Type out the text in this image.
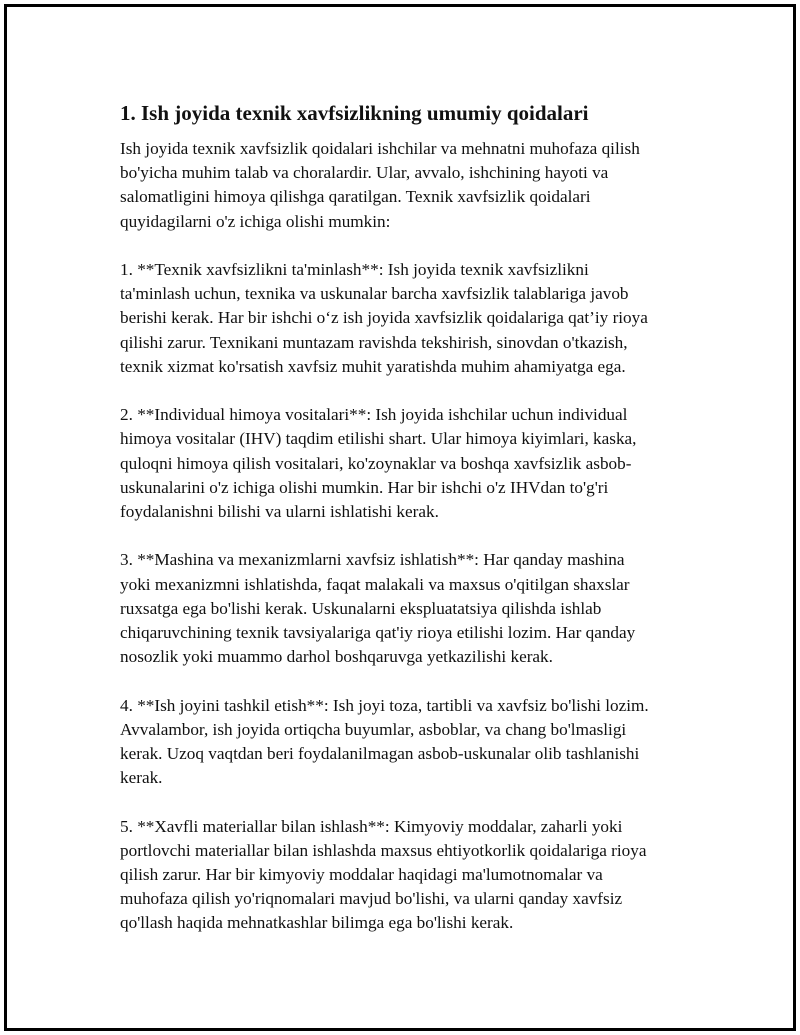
1. Ish joyida texnik xavfsizlikning umumiy qoidalari

Ish joyida texnik xavfsizlik qoidalari ishchilar va mehnatni muhofaza qilish
bo'yicha muhim talab va choralardir. Ular, avvalo, ishchining hayoti va
salomatligini himoya qilishga qaratilgan. Texnik xavfsizlik qoidalari
quyidagilarni o'z ichiga olishi mumkin:

1. **Texnik xavfsizlikni ta'minlash**: Ish joyida texnik xavfsizlikni
ta'minlash uchun, texnika va uskunalar barcha xavfsizlik talablariga javob
berishi kerak. Har bir ishchi o‘z ish joyida xavfsizlik qoidalariga qat’iy rioya
qilishi zarur. Texnikani muntazam ravishda tekshirish, sinovdan o'tkazish,
texnik xizmat ko'rsatish xavfsiz muhit yaratishda muhim ahamiyatga ega.

2. **Individual himoya vositalari**: Ish joyida ishchilar uchun individual
himoya vositalar (IHV) taqdim etilishi shart. Ular himoya kiyimlari, kaska,
quloqni himoya qilish vositalari, ko'zoynaklar va boshqa xavfsizlik asbob-
uskunalarini o'z ichiga olishi mumkin. Har bir ishchi o'z IHVdan to'g'ri
foydalanishni bilishi va ularni ishlatishi kerak.

3. **Mashina va mexanizmlarni xavfsiz ishlatish**: Har qanday mashina
yoki mexanizmni ishlatishda, faqat malakali va maxsus o'qitilgan shaxslar
ruxsatga ega bo'lishi kerak. Uskunalarni ekspluatatsiya qilishda ishlab
chiqaruvchining texnik tavsiyalariga qat'iy rioya etilishi lozim. Har qanday
nosozlik yoki muammo darhol boshqaruvga yetkazilishi kerak.

4. **Ish joyini tashkil etish**: Ish joyi toza, tartibli va xavfsiz bo'lishi lozim.
Avvalambor, ish joyida ortiqcha buyumlar, asboblar, va chang bo'lmasligi
kerak. Uzoq vaqtdan beri foydalanilmagan asbob-uskunalar olib tashlanishi
kerak.

5. **Xavfli materiallar bilan ishlash**: Kimyoviy moddalar, zaharli yoki
portlovchi materiallar bilan ishlashda maxsus ehtiyotkorlik qoidalariga rioya
qilish zarur. Har bir kimyoviy moddalar haqidagi ma'lumotnomalar va
muhofaza qilish yo'riqnomalari mavjud bo'lishi, va ularni qanday xavfsiz
qo'llash haqida mehnatkashlar bilimga ega bo'lishi kerak.
